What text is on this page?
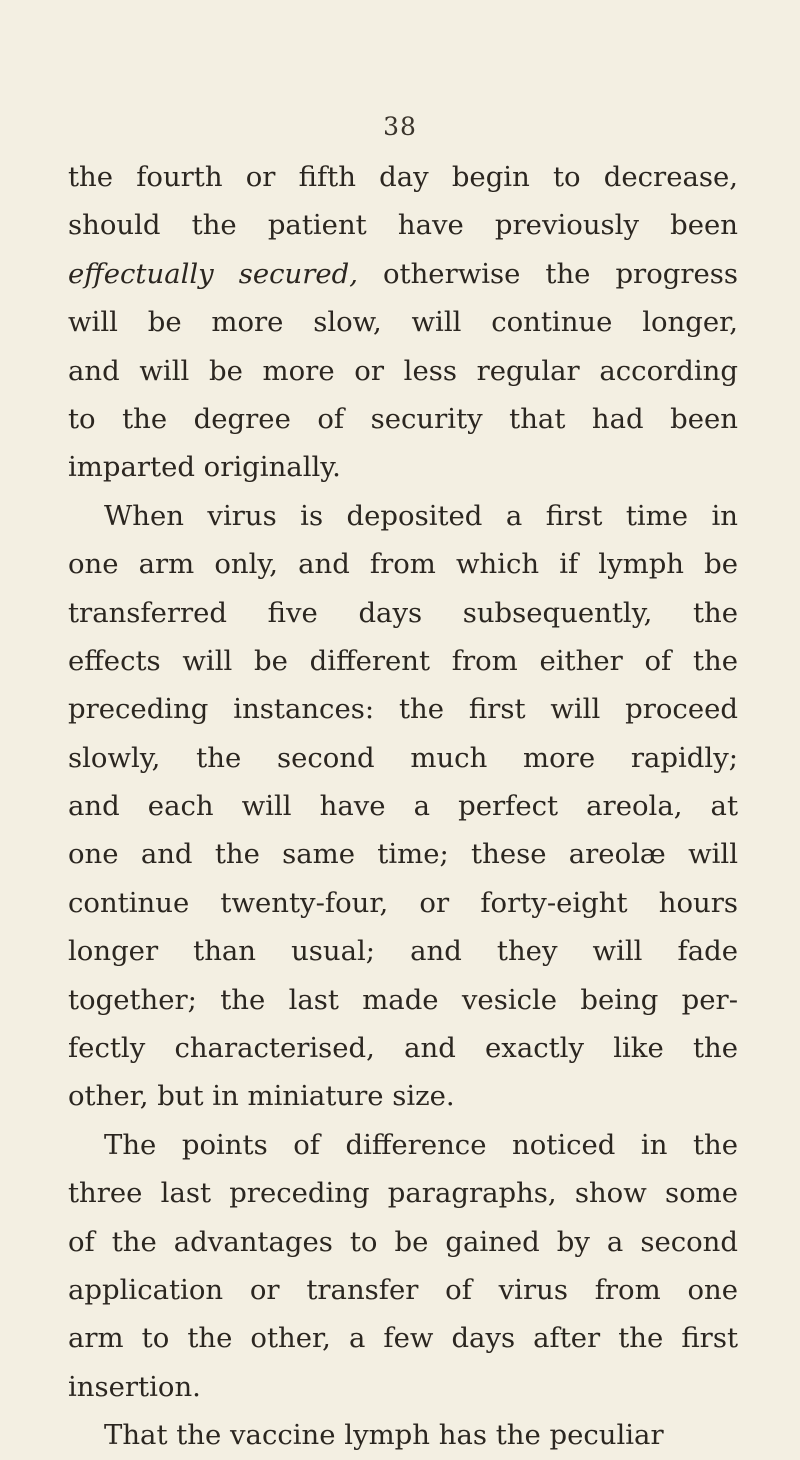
38
the fourth or fifth day begin to decrease,
should the patient have previously been
effectually secured, otherwise the progress
will be more slow, will continue longer,
and will be more or less regular according
to the degree of security that had been
imparted originally.
When virus is deposited a first time in
one arm only, and from which if lymph be
transferred five days subsequently, the
effects will be different from either of the
preceding instances: the first will proceed
slowly, the second much more rapidly;
and each will have a perfect areola, at
one and the same time; these areolæ will
continue twenty-four, or forty-eight hours
longer than usual; and they will fade
together; the last made vesicle being per-
fectly characterised, and exactly like the
other, but in miniature size.
The points of difference noticed in the
three last preceding paragraphs, show some
of the advantages to be gained by a second
application or transfer of virus from one
arm to the other, a few days after the first
insertion.
That the vaccine lymph has the peculiar
